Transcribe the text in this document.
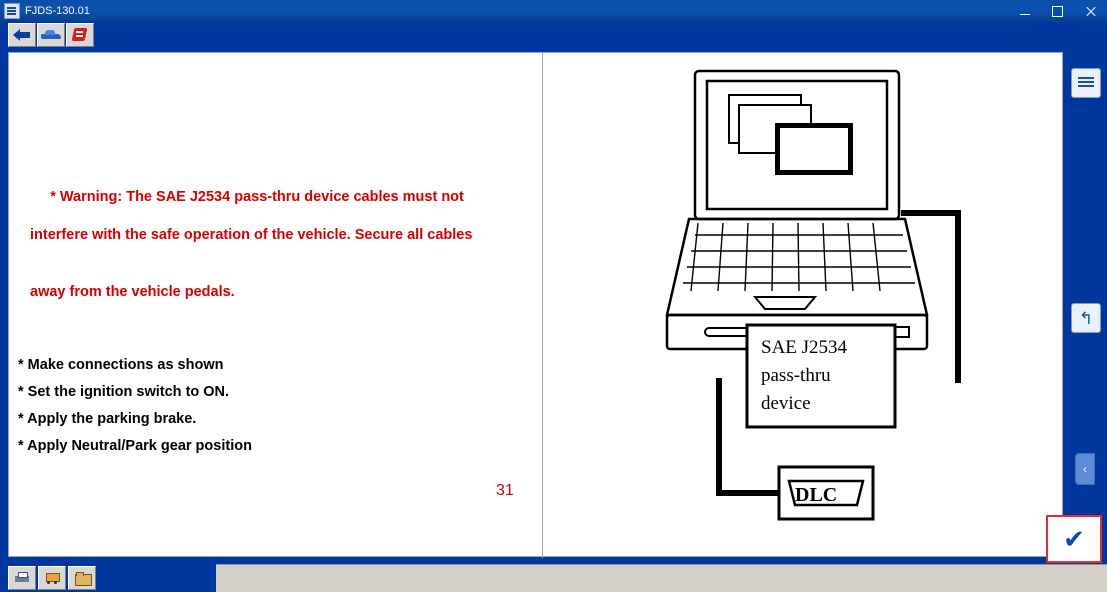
FJDS-130.01

* Warning: The SAE J2534 pass-thru device cables must not

interfere with the safe operation of the vehicle. Secure all cables

away from the vehicle pedals.

* Make connections as shown
* Set the ignition switch to ON.
* Apply the parking brake.
* Apply Neutral/Park gear position
SAE J2534
pass-thru
device
DLC
31
↰
‹
✔
